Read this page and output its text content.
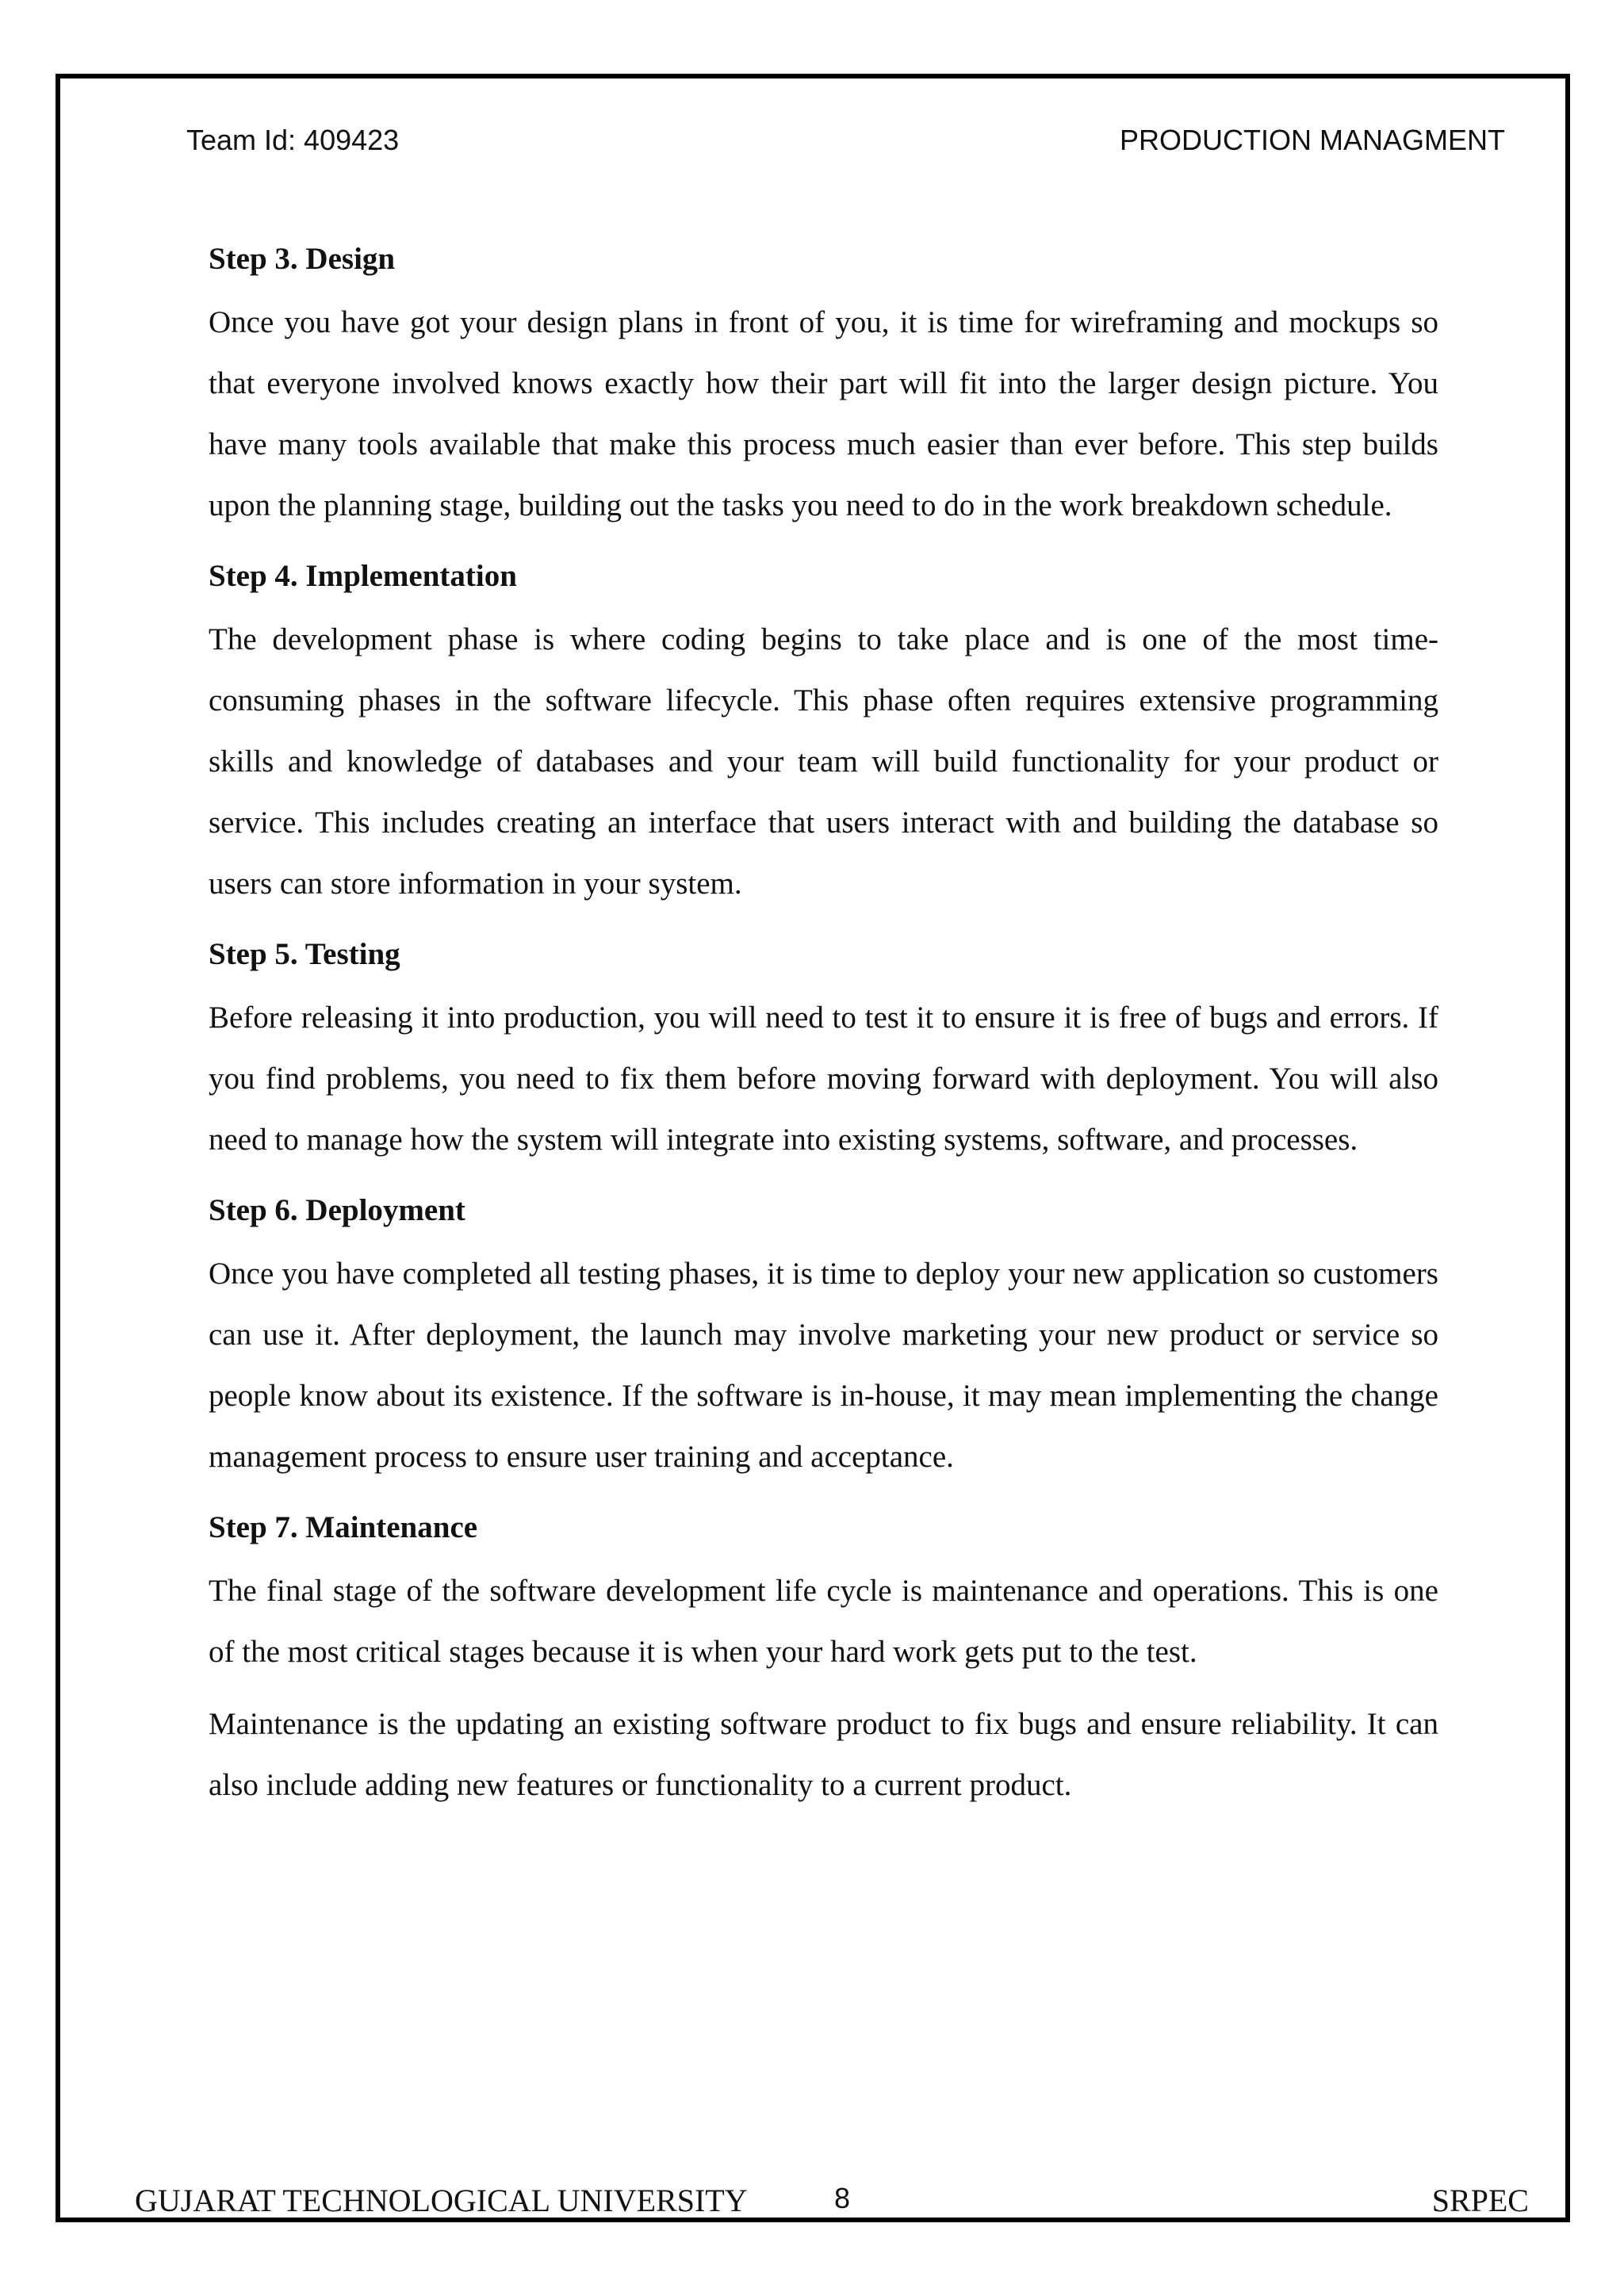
Team Id: 409423	PRODUCTION MANAGMENT

Step 3. Design

Once you have got your design plans in front of you, it is time for wireframing and mockups so that everyone involved knows exactly how their part will fit into the larger design picture. You have many tools available that make this process much easier than ever before. This step builds upon the planning stage, building out the tasks you need to do in the work breakdown schedule.

Step 4. Implementation

The development phase is where coding begins to take place and is one of the most time-consuming phases in the software lifecycle. This phase often requires extensive programming skills and knowledge of databases and your team will build functionality for your product or service. This includes creating an interface that users interact with and building the database so users can store information in your system.

Step 5. Testing

Before releasing it into production, you will need to test it to ensure it is free of bugs and errors. If you find problems, you need to fix them before moving forward with deployment. You will also need to manage how the system will integrate into existing systems, software, and processes.

Step 6. Deployment

Once you have completed all testing phases, it is time to deploy your new application so customers can use it. After deployment, the launch may involve marketing your new product or service so people know about its existence. If the software is in-house, it may mean implementing the change management process to ensure user training and acceptance.

Step 7. Maintenance

The final stage of the software development life cycle is maintenance and operations. This is one of the most critical stages because it is when your hard work gets put to the test.

Maintenance is the updating an existing software product to fix bugs and ensure reliability. It can also include adding new features or functionality to a current product.

GUJARAT TECHNOLOGICAL UNIVERSITY	8	SRPEC
